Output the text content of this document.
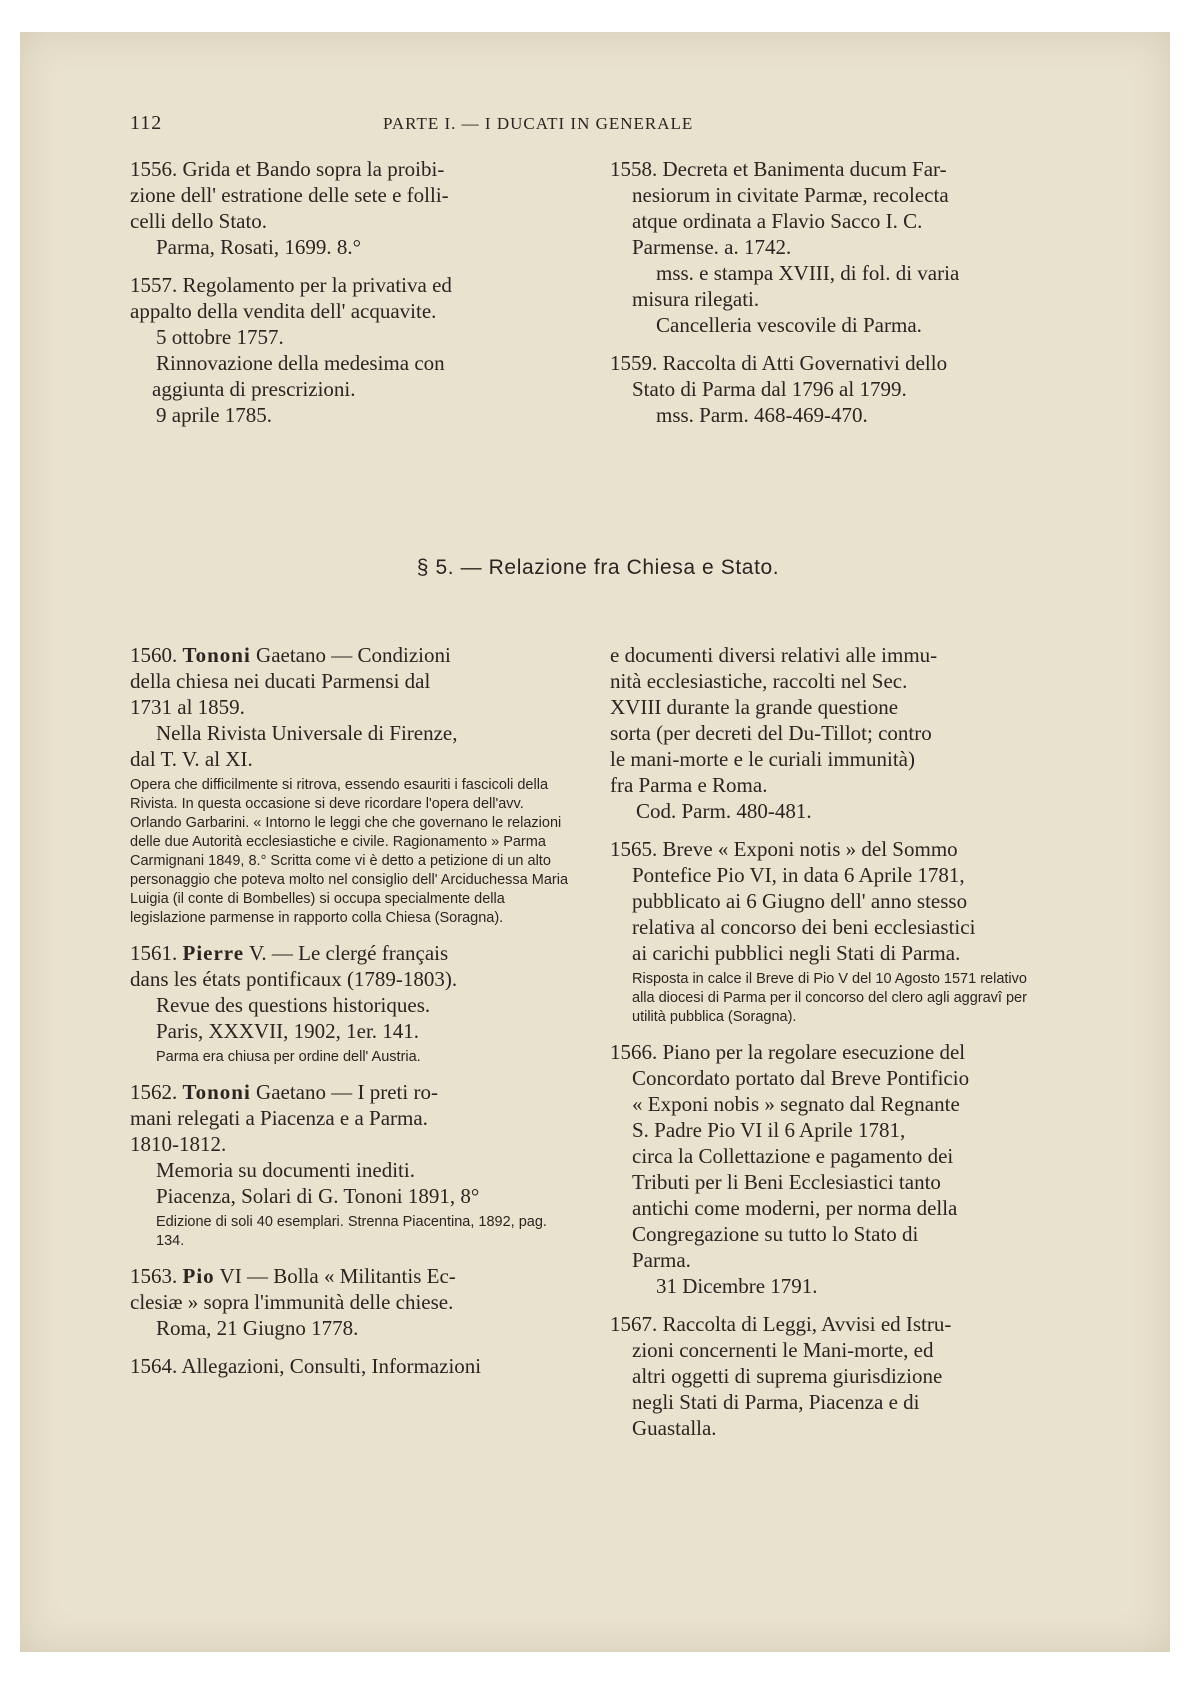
112	PARTE I. — I DUCATI IN GENERALE

1556. Grida et Bando sopra la proibi-

zione dell' estratione delle sete e folli-

celli dello Stato.

Parma, Rosati, 1699. 8.°

1557. Regolamento per la privativa ed

appalto della vendita dell' acquavite.

5 ottobre 1757.

Rinnovazione della medesima con

aggiunta di prescrizioni.

9 aprile 1785.

1558. Decreta et Banimenta ducum Far-

nesiorum in civitate Parmæ, recolecta

atque ordinata a Flavio Sacco I. C.

Parmense. a. 1742.

mss. e stampa XVIII, di fol. di varia

misura rilegati.

Cancelleria vescovile di Parma.

1559. Raccolta di Atti Governativi dello

Stato di Parma dal 1796 al 1799.

mss. Parm. 468-469-470.

§ 5. — Relazione fra Chiesa e Stato.

1560. Tononi Gaetano — Condizioni

della chiesa nei ducati Parmensi dal

1731 al 1859.

Nella Rivista Universale di Firenze,

dal T. V. al XI.

Opera che difficilmente si ritrova, essendo esauriti i fascicoli della Rivista. In questa occasione si deve ricordare l'opera dell'avv. Orlando Garbarini. « Intorno le leggi che che governano le relazioni delle due Autorità ecclesiastiche e civile. Ragionamento » Parma Carmignani 1849, 8.° Scritta come vi è detto a petizione di un alto personaggio che poteva molto nel consiglio dell' Arciduchessa Maria Luigia (il conte di Bombelles) si occupa specialmente della legislazione parmense in rapporto colla Chiesa (Soragna).

1561. Pierre V. — Le clergé français

dans les états pontificaux (1789-1803).

Revue des questions historiques.

Paris, XXXVII, 1902, 1er. 141.

Parma era chiusa per ordine dell' Austria.

1562. Tononi Gaetano — I preti ro-

mani relegati a Piacenza e a Parma.

1810-1812.

Memoria su documenti inediti.

Piacenza, Solari di G. Tononi 1891, 8°

Edizione di soli 40 esemplari. Strenna Piacentina, 1892, pag. 134.

1563. Pio VI — Bolla « Militantis Ec-

clesiæ » sopra l'immunità delle chiese.

Roma, 21 Giugno 1778.

1564. Allegazioni, Consulti, Informazioni

e documenti diversi relativi alle immu-

nità ecclesiastiche, raccolti nel Sec.

XVIII durante la grande questione

sorta (per decreti del Du-Tillot; contro

le mani-morte e le curiali immunità)

fra Parma e Roma.

Cod. Parm. 480-481.

1565. Breve « Exponi notis » del Sommo

Pontefice Pio VI, in data 6 Aprile 1781,

pubblicato ai 6 Giugno dell' anno stesso

relativa al concorso dei beni ecclesiastici

ai carichi pubblici negli Stati di Parma.

Risposta in calce il Breve di Pio V del 10 Agosto 1571 relativo alla diocesi di Parma per il concorso del clero agli aggravî per utilità pubblica (Soragna).

1566. Piano per la regolare esecuzione del

Concordato portato dal Breve Pontificio

« Exponi nobis » segnato dal Regnante

S. Padre Pio VI il 6 Aprile 1781,

circa la Collettazione e pagamento dei

Tributi per li Beni Ecclesiastici tanto

antichi come moderni, per norma della

Congregazione su tutto lo Stato di

Parma.

31 Dicembre 1791.

1567. Raccolta di Leggi, Avvisi ed Istru-

zioni concernenti le Mani-morte, ed

altri oggetti di suprema giurisdizione

negli Stati di Parma, Piacenza e di

Guastalla.
